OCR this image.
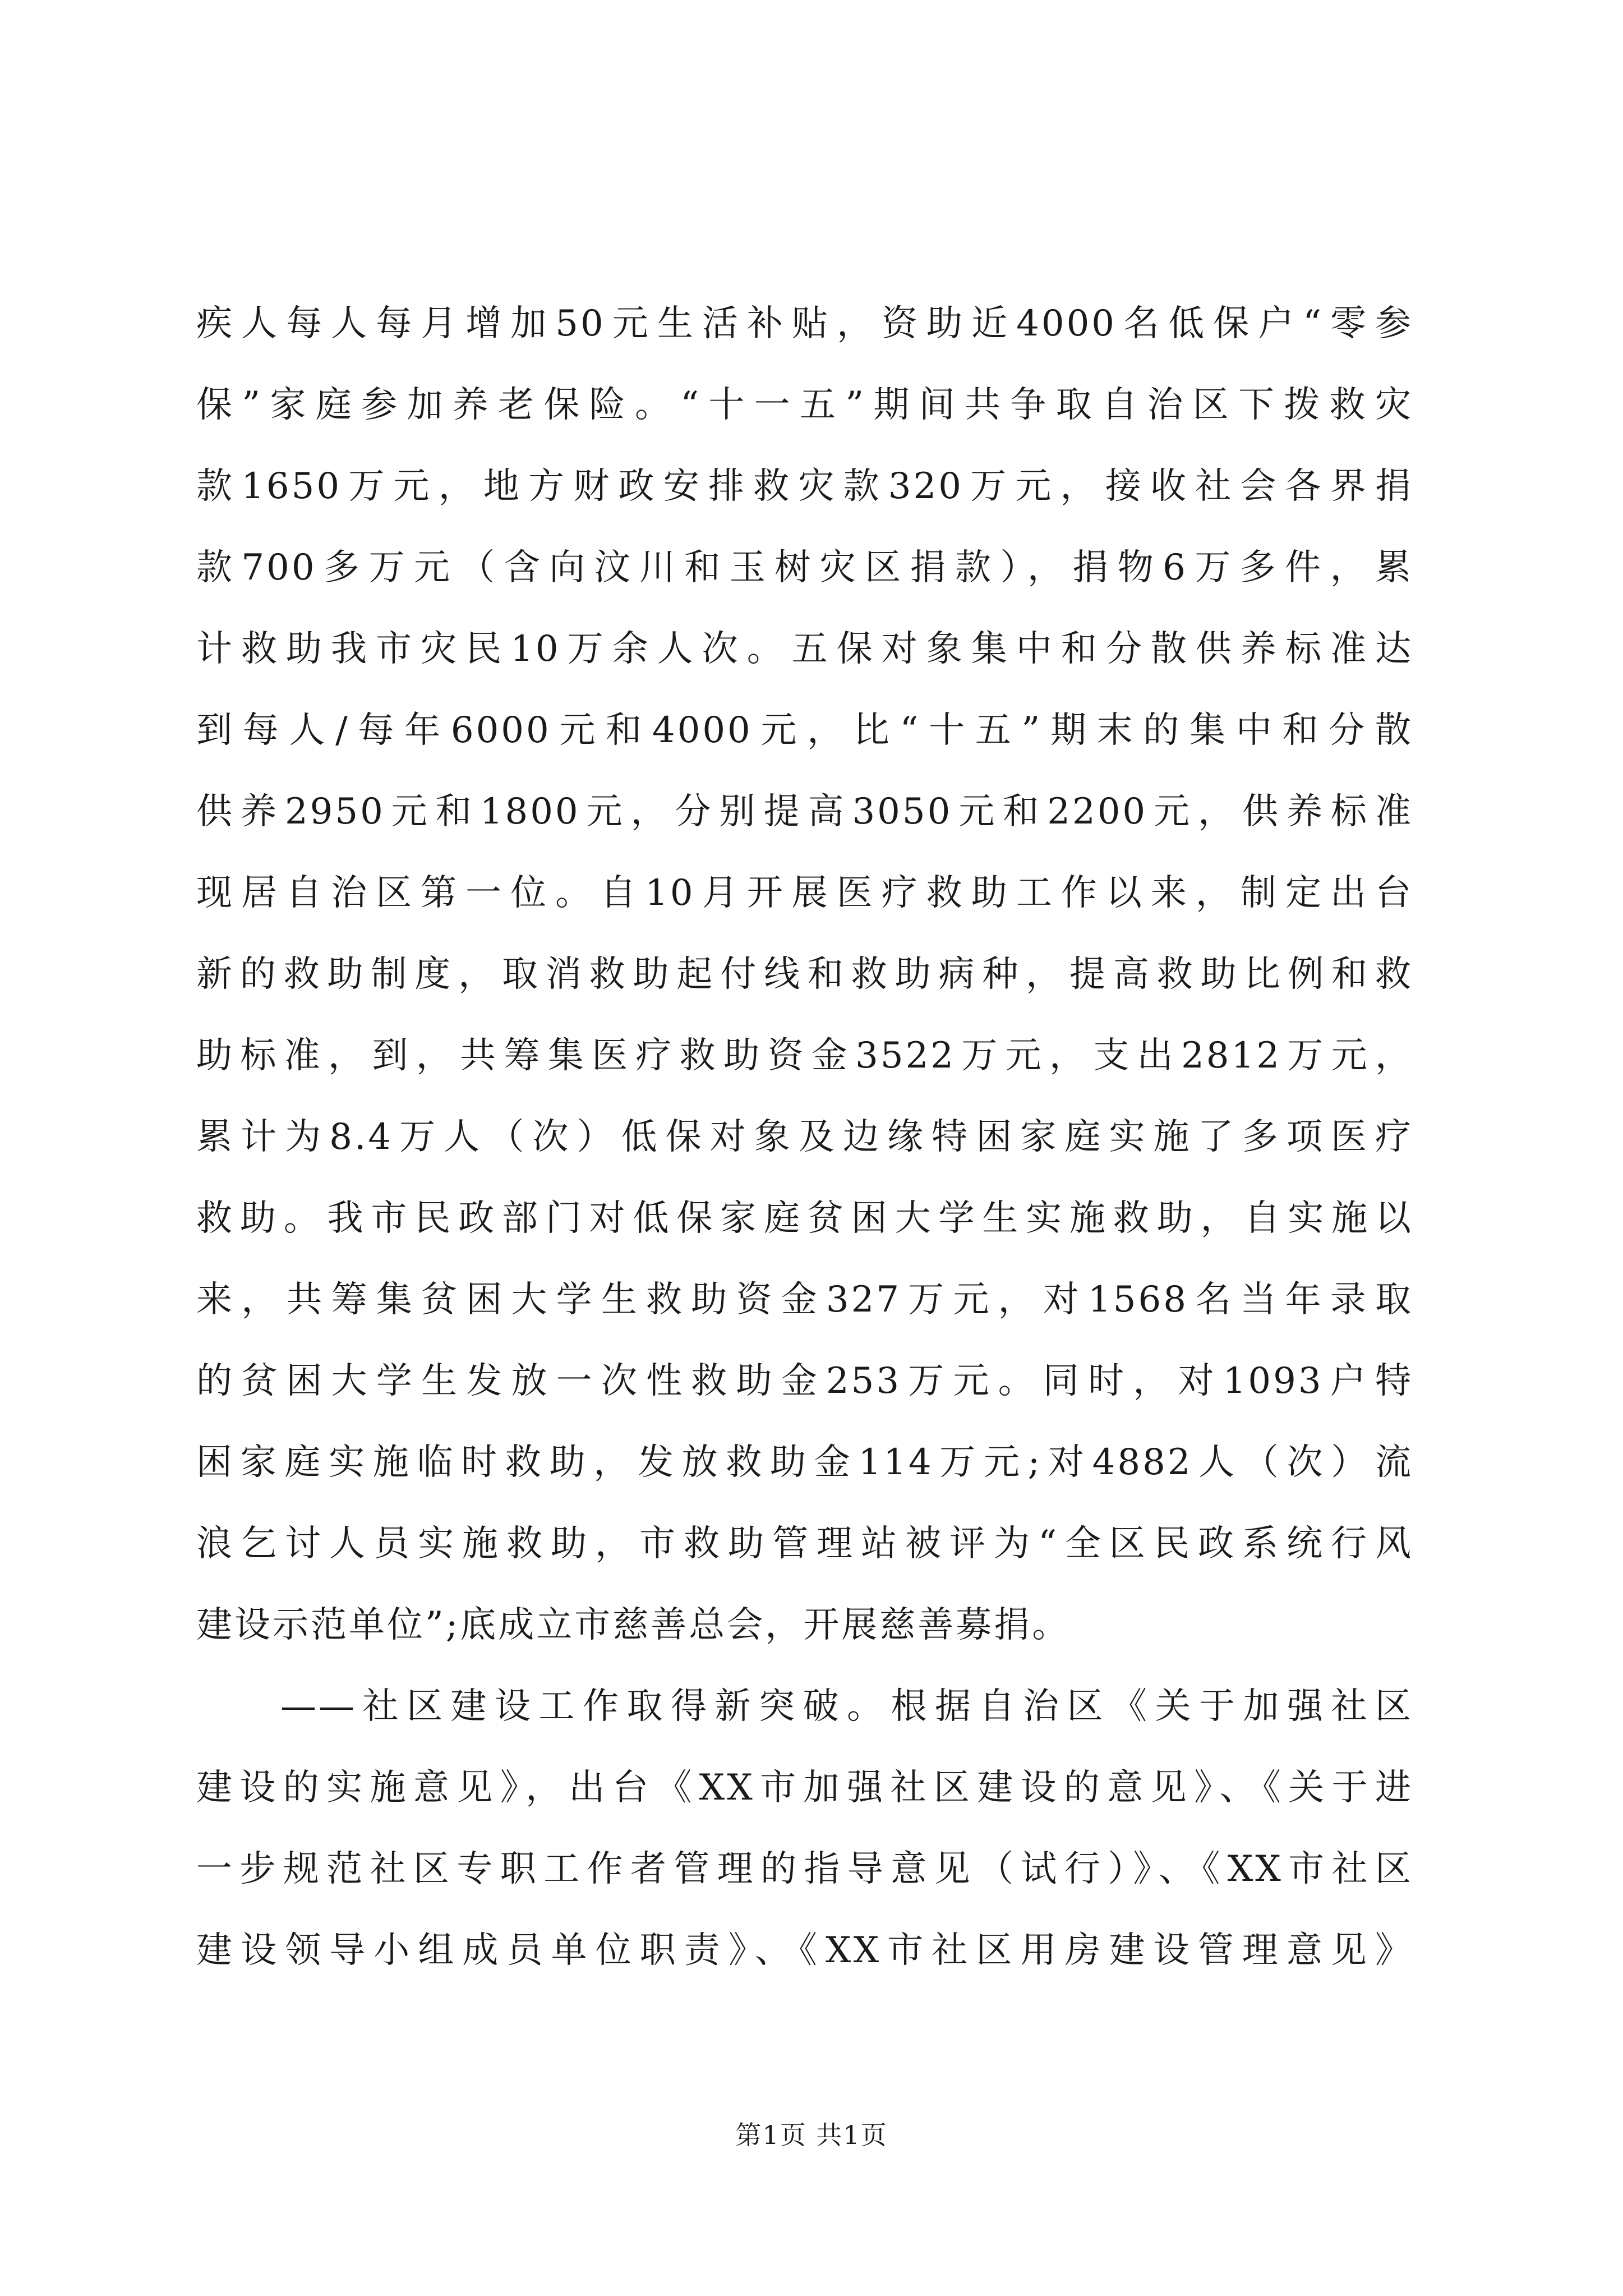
疾人每人每月增加50元生活补贴，资助近4000名低保户“零参
保”家庭参加养老保险。“十一五”期间共争取自治区下拨救灾
款1650万元，地方财政安排救灾款320万元，接收社会各界捐
款700多万元（含向汶川和玉树灾区捐款），捐物6万多件，累
计救助我市灾民10万余人次。五保对象集中和分散供养标准达
到每人/每年6000元和4000元，比“十五”期末的集中和分散
供养2950元和1800元，分别提高3050元和2200元，供养标准
现居自治区第一位。自10月开展医疗救助工作以来，制定出台
新的救助制度，取消救助起付线和救助病种，提高救助比例和救
助标准，到，共筹集医疗救助资金3522万元，支出2812万元，
累计为8.4万人（次）低保对象及边缘特困家庭实施了多项医疗
救助。我市民政部门对低保家庭贫困大学生实施救助，自实施以
来，共筹集贫困大学生救助资金327万元，对1568名当年录取
的贫困大学生发放一次性救助金253万元。同时，对1093户特
困家庭实施临时救助，发放救助金114万元;对4882人（次）流
浪乞讨人员实施救助，市救助管理站被评为“全区民政系统行风
建设示范单位”;底成立市慈善总会，开展慈善募捐。
——社区建设工作取得新突破。根据自治区《关于加强社区
建设的实施意见》，出台《XX市加强社区建设的意见》、《关于进
一步规范社区专职工作者管理的指导意见（试行）》、《XX市社区
建设领导小组成员单位职责》、《XX市社区用房建设管理意见》
第1页 共1页
